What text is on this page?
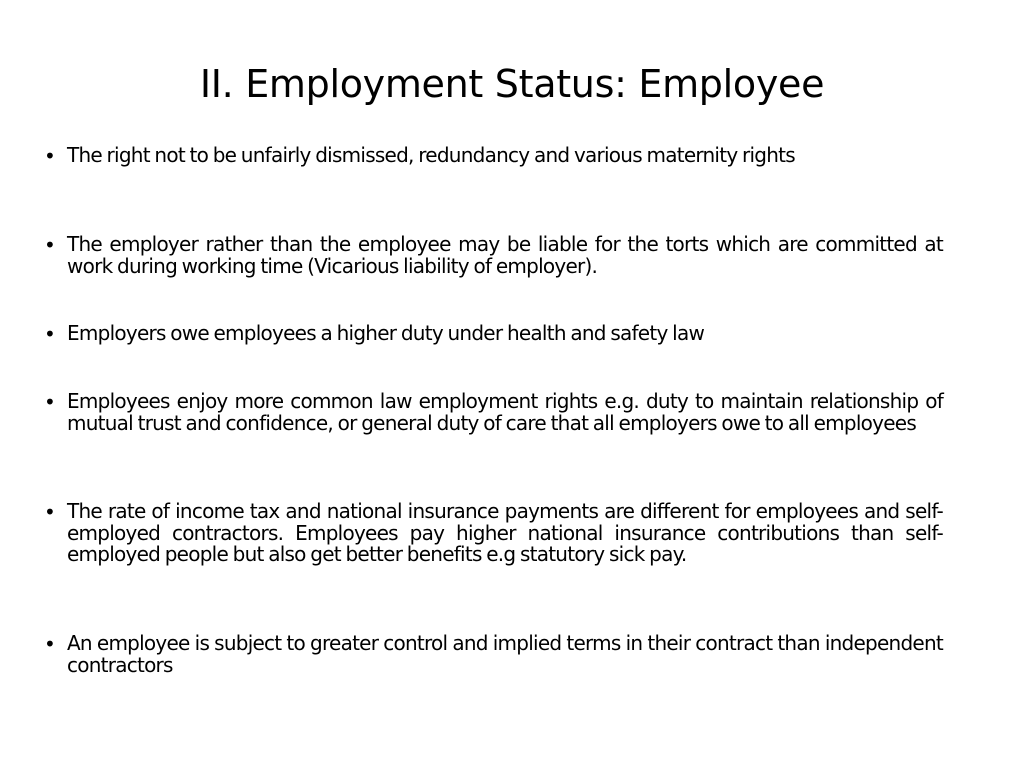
II. Employment Status: Employee
• The right not to be unfairly dismissed, redundancy and various maternity rights
• The employer rather than the employee may be liable for the torts which are committed at work during working time (Vicarious liability of employer).
• Employers owe employees a higher duty under health and safety law
• Employees enjoy more common law employment rights e.g. duty to maintain relationship of mutual trust and confidence, or general duty of care that all employers owe to all employees
• The rate of income tax and national insurance payments are different for employees and self-employed contractors. Employees pay higher national insurance contributions than self-employed people but also get better benefits e.g statutory sick pay.
• An employee is subject to greater control and implied terms in their contract than independent contractors
